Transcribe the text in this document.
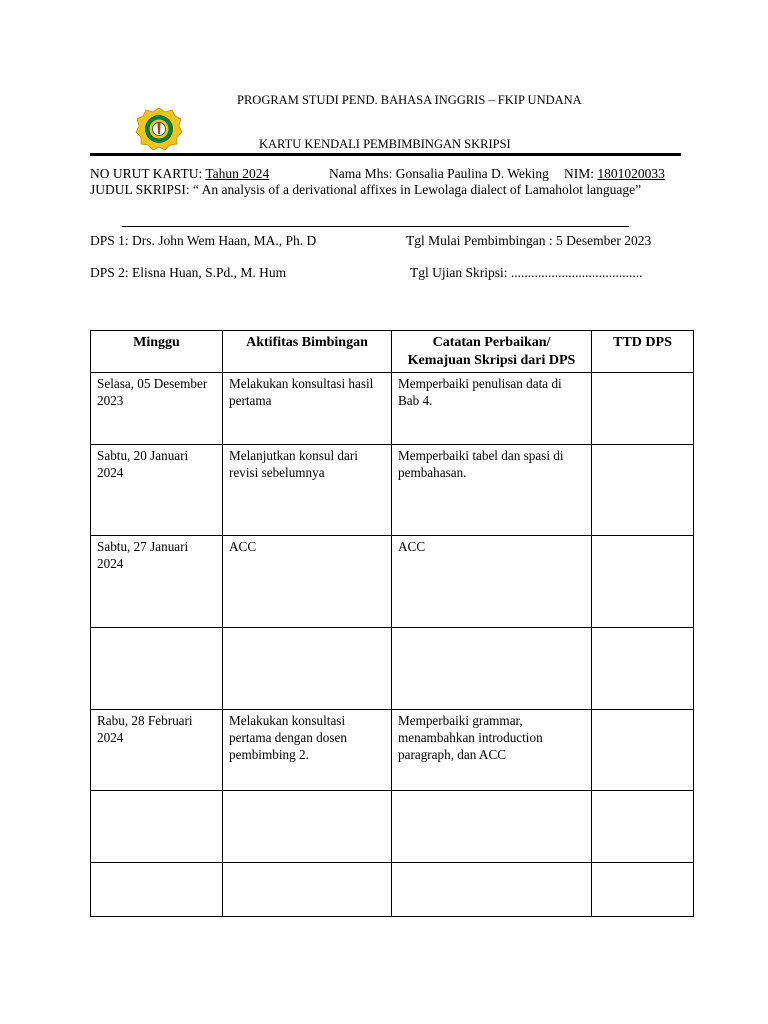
PROGRAM STUDI PEND. BAHASA INGGRIS – FKIP UNDANA
KARTU KENDALI PEMBIMBINGAN SKRIPSI
NO URUT KARTU: Tahun 2024	Nama Mhs: Gonsalia Paulina D. Weking NIM: 1801020033
JUDUL SKRIPSI: “ An analysis of a derivational affixes in Lewolaga dialect of Lamaholot language”
DPS 1: Drs. John Wem Haan, MA., Ph. D	Tgl Mulai Pembimbingan : 5 Desember 2023
DPS 2: Elisna Huan, S.Pd., M. Hum	Tgl Ujian Skripsi: .......................................
Minggu	Aktifitas Bimbingan	Catatan Perbaikan/
Kemajuan Skripsi dari DPS	TTD DPS
Selasa, 05 Desember 2023	Melakukan konsultasi hasil pertama	Memperbaiki penulisan data di Bab 4.	
Sabtu, 20 Januari 2024	Melanjutkan konsul dari revisi sebelumnya	Memperbaiki tabel dan spasi di pembahasan.	
Sabtu, 27 Januari 2024	ACC	ACC	

Rabu, 28 Februari 2024	Melakukan konsultasi pertama dengan dosen pembimbing 2.	Memperbaiki grammar, menambahkan introduction paragraph, dan ACC	
